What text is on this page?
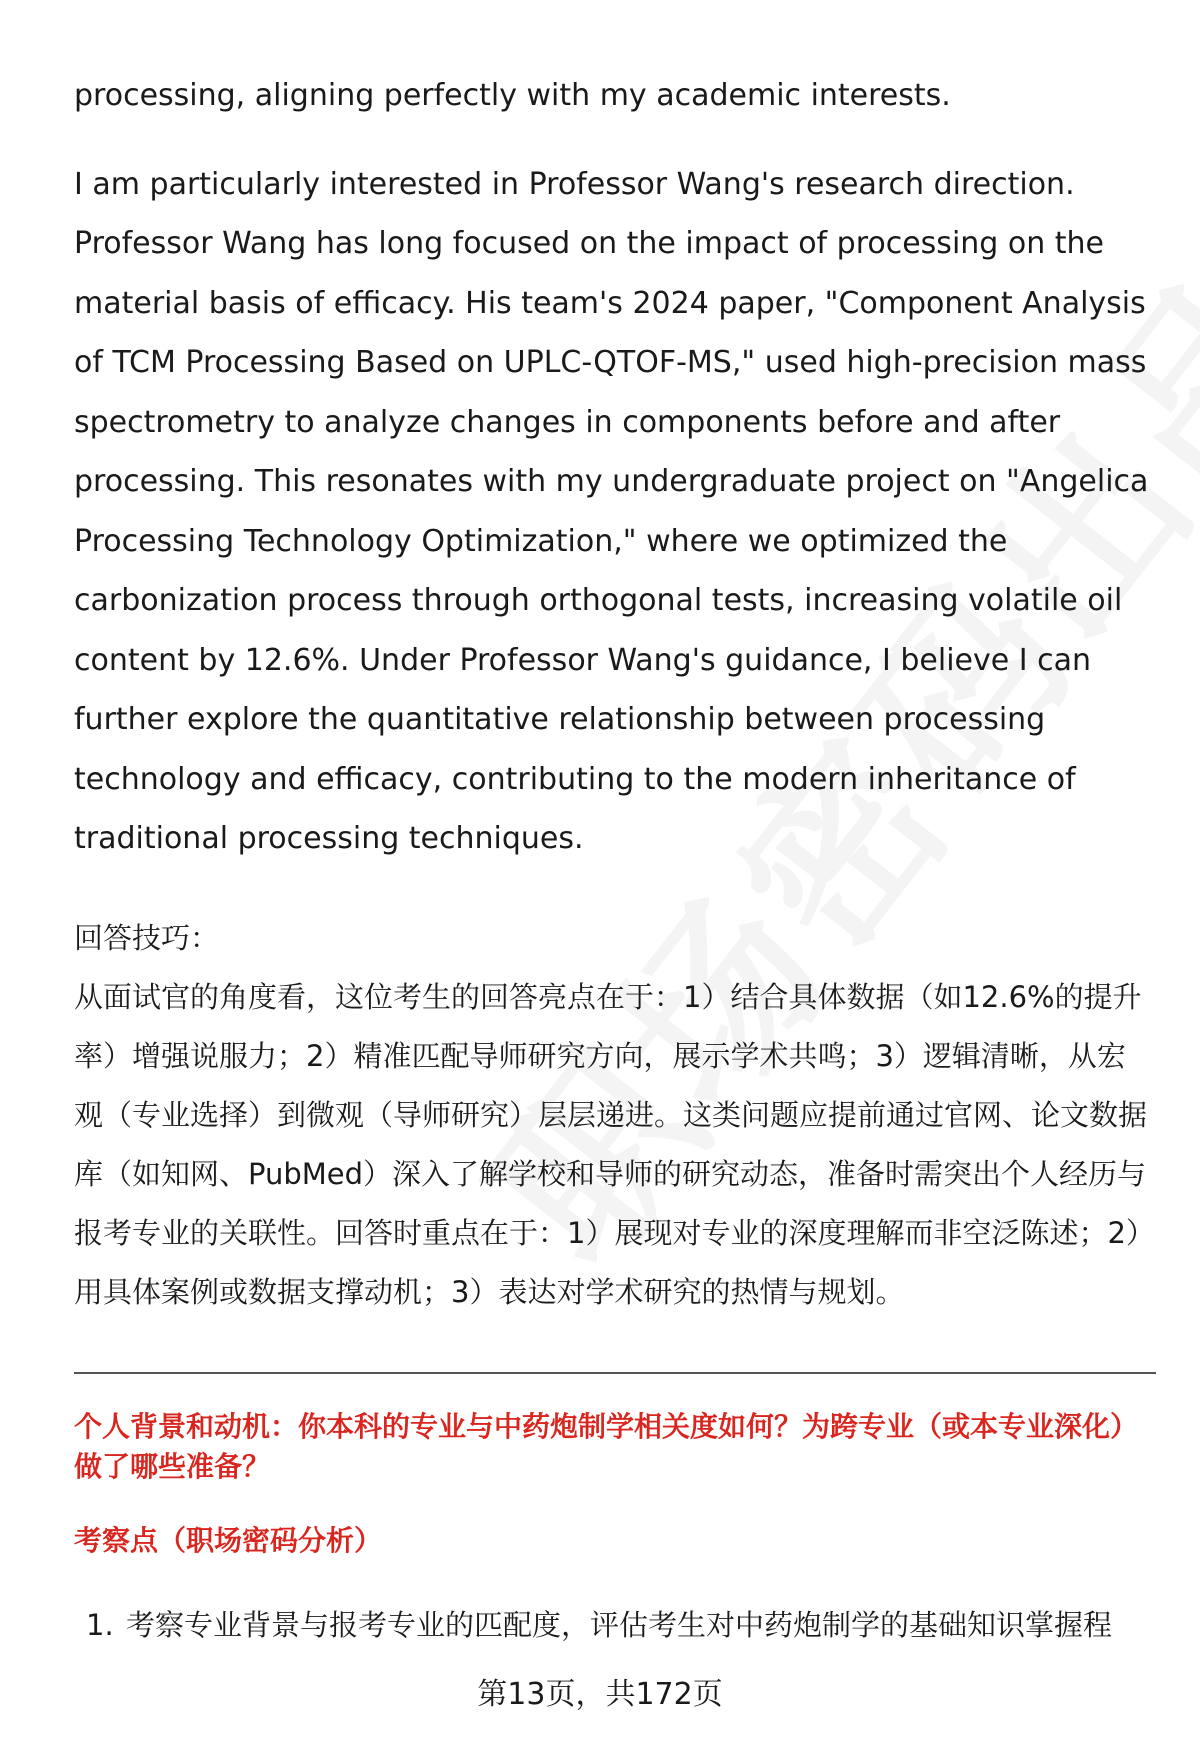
processing, aligning perfectly with my academic interests.

I am particularly interested in Professor Wang's research direction. Professor Wang has long focused on the impact of processing on the material basis of efficacy. His team's 2024 paper, "Component Analysis of TCM Processing Based on UPLC-QTOF-MS," used high-precision mass spectrometry to analyze changes in components before and after processing. This resonates with my undergraduate project on "Angelica Processing Technology Optimization," where we optimized the carbonization process through orthogonal tests, increasing volatile oil content by 12.6%. Under Professor Wang's guidance, I believe I can further explore the quantitative relationship between processing technology and efficacy, contributing to the modern inheritance of traditional processing techniques.

回答技巧：

从面试官的角度看，这位考生的回答亮点在于：1）结合具体数据（如12.6%的提升率）增强说服力；2）精准匹配导师研究方向，展示学术共鸣；3）逻辑清晰，从宏观（专业选择）到微观（导师研究）层层递进。这类问题应提前通过官网、论文数据库（如知网、PubMed）深入了解学校和导师的研究动态，准备时需突出个人经历与报考专业的关联性。回答时重点在于：1）展现对专业的深度理解而非空泛陈述；2）用具体案例或数据支撑动机；3）表达对学术研究的热情与规划。

个人背景和动机：你本科的专业与中药炮制学相关度如何？为跨专业（或本专业深化）做了哪些准备？

考察点（职场密码分析）

1. 考察专业背景与报考专业的匹配度，评估考生对中药炮制学的基础知识掌握程
第13页，共172页
